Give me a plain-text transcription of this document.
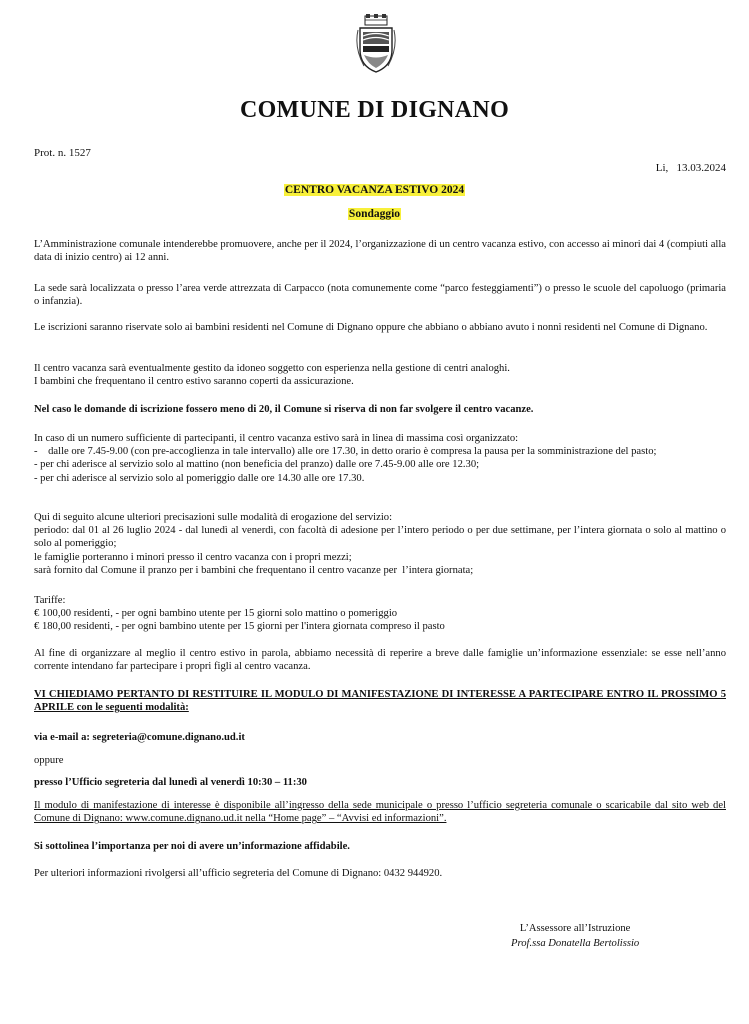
COMUNE DI DIGNANO
Prot. n. 1527
Li,   13.03.2024
CENTRO VACANZA ESTIVO 2024
Sondaggio

L’Amministrazione comunale intenderebbe promuovere, anche per il 2024, l’organizzazione di un centro vacanza estivo, con accesso ai minori dai 4 (compiuti alla data di inizio centro) ai 12 anni.

La sede sarà localizzata o presso l’area verde attrezzata di Carpacco (nota comunemente come “parco festeggiamenti”) o presso le scuole del capoluogo (primaria o infanzia).

Le iscrizioni saranno riservate solo ai bambini residenti nel Comune di Dignano oppure che abbiano o abbiano avuto i nonni residenti nel Comune di Dignano.

Il centro vacanza sarà eventualmente gestito da idoneo soggetto con esperienza nella gestione di centri analoghi.

I bambini che frequentano il centro estivo saranno coperti da assicurazione.

Nel caso le domande di iscrizione fossero meno di 20, il Comune si riserva di non far svolgere il centro vacanze.

In caso di un numero sufficiente di partecipanti, il centro vacanza estivo sarà in linea di massima così organizzato:

-    dalle ore 7.45-9.00 (con pre-accoglienza in tale intervallo) alle ore 17.30, in detto orario è compresa la pausa per la somministrazione del pasto;

- per chi aderisce al servizio solo al mattino (non beneficia del pranzo) dalle ore 7.45-9.00 alle ore 12.30;

- per chi aderisce al servizio solo al pomeriggio dalle ore 14.30 alle ore 17.30.

Qui di seguito alcune ulteriori precisazioni sulle modalità di erogazione del servizio:

periodo: dal 01 al 26 luglio 2024 - dal lunedì al venerdì, con facoltà di adesione per l’intero periodo o per due settimane, per l’intera giornata o solo al mattino o solo al pomeriggio;

le famiglie porteranno i minori presso il centro vacanza con i propri mezzi;

sarà fornito dal Comune il pranzo per i bambini che frequentano il centro vacanze per  l’intera giornata;

Tariffe:

€ 100,00 residenti, - per ogni bambino utente per 15 giorni solo mattino o pomeriggio

€ 180,00 residenti, - per ogni bambino utente per 15 giorni per l'intera giornata compreso il pasto

Al fine di organizzare al meglio il centro estivo in parola, abbiamo necessità di reperire a breve dalle famiglie un’informazione essenziale: se esse nell’anno corrente intendano far partecipare i propri figli al centro vacanza.

VI CHIEDIAMO PERTANTO DI RESTITUIRE IL MODULO DI MANIFESTAZIONE DI INTERESSE A PARTECIPARE ENTRO IL PROSSIMO 5 APRILE con le seguenti modalità:

via e-mail a: segreteria@comune.dignano.ud.it

oppure

presso l’Ufficio segreteria dal lunedì al venerdì 10:30 – 11:30

Il modulo di manifestazione di interesse è disponibile all’ingresso della sede municipale o presso l’ufficio segreteria comunale o scaricabile dal sito web del Comune di Dignano: www.comune.dignano.ud.it nella “Home page” – “Avvisi ed informazioni”.

Si sottolinea l’importanza per noi di avere un’informazione affidabile.

Per ulteriori informazioni rivolgersi all’ufficio segreteria del Comune di Dignano: 0432 944920.

L’Assessore all’Istruzione
Prof.ssa Donatella Bertolissio
